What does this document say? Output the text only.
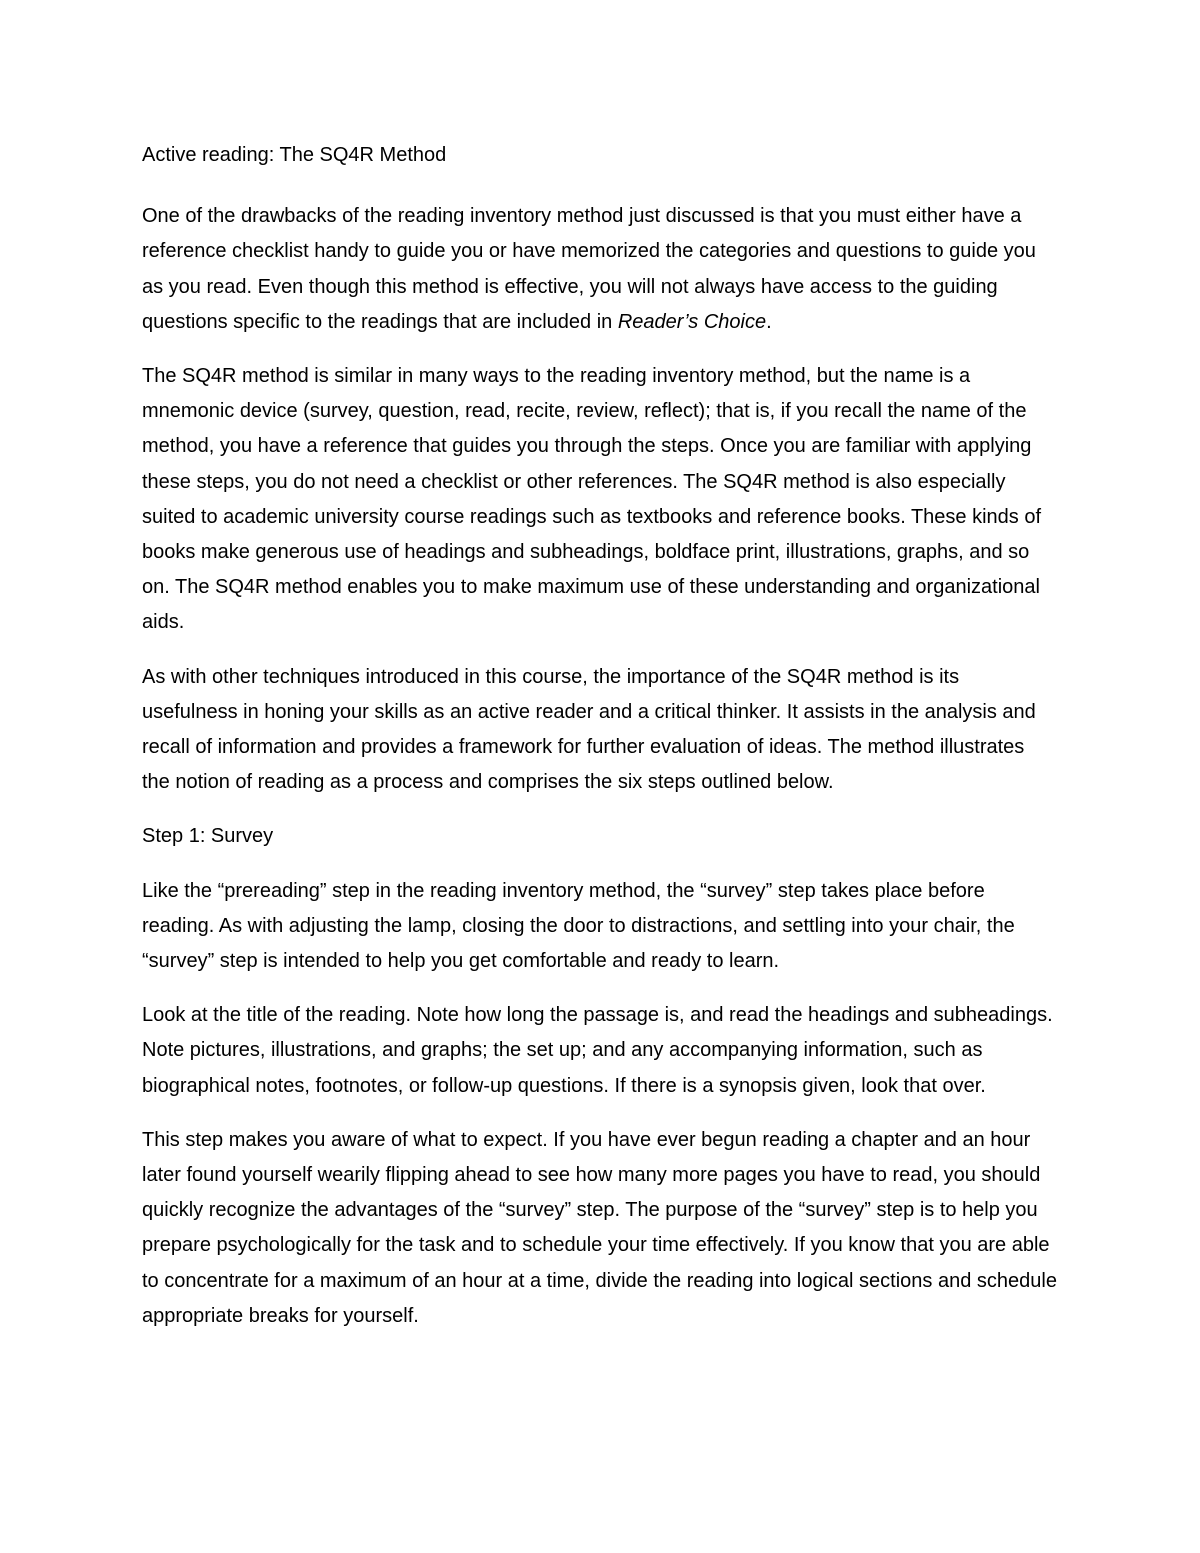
Active reading: The SQ4R Method

One of the drawbacks of the reading inventory method just discussed is that you must either have a reference checklist handy to guide you or have memorized the categories and questions to guide you as you read. Even though this method is effective, you will not always have access to the guiding questions specific to the readings that are included in Reader’s Choice.

The SQ4R method is similar in many ways to the reading inventory method, but the name is a mnemonic device (survey, question, read, recite, review, reflect); that is, if you recall the name of the method, you have a reference that guides you through the steps. Once you are familiar with applying these steps, you do not need a checklist or other references. The SQ4R method is also especially suited to academic university course readings such as textbooks and reference books. These kinds of books make generous use of headings and subheadings, boldface print, illustrations, graphs, and so on. The SQ4R method enables you to make maximum use of these understanding and organizational aids.

As with other techniques introduced in this course, the importance of the SQ4R method is its usefulness in honing your skills as an active reader and a critical thinker. It assists in the analysis and recall of information and provides a framework for further evaluation of ideas. The method illustrates the notion of reading as a process and comprises the six steps outlined below.

Step 1: Survey

Like the “prereading” step in the reading inventory method, the “survey” step takes place before reading. As with adjusting the lamp, closing the door to distractions, and settling into your chair, the “survey” step is intended to help you get comfortable and ready to learn.

Look at the title of the reading. Note how long the passage is, and read the headings and subheadings. Note pictures, illustrations, and graphs; the set up; and any accompanying information, such as biographical notes, footnotes, or follow-up questions. If there is a synopsis given, look that over.

This step makes you aware of what to expect. If you have ever begun reading a chapter and an hour later found yourself wearily flipping ahead to see how many more pages you have to read, you should quickly recognize the advantages of the “survey” step. The purpose of the “survey” step is to help you prepare psychologically for the task and to schedule your time effectively. If you know that you are able to concentrate for a maximum of an hour at a time, divide the reading into logical sections and schedule appropriate breaks for yourself.
